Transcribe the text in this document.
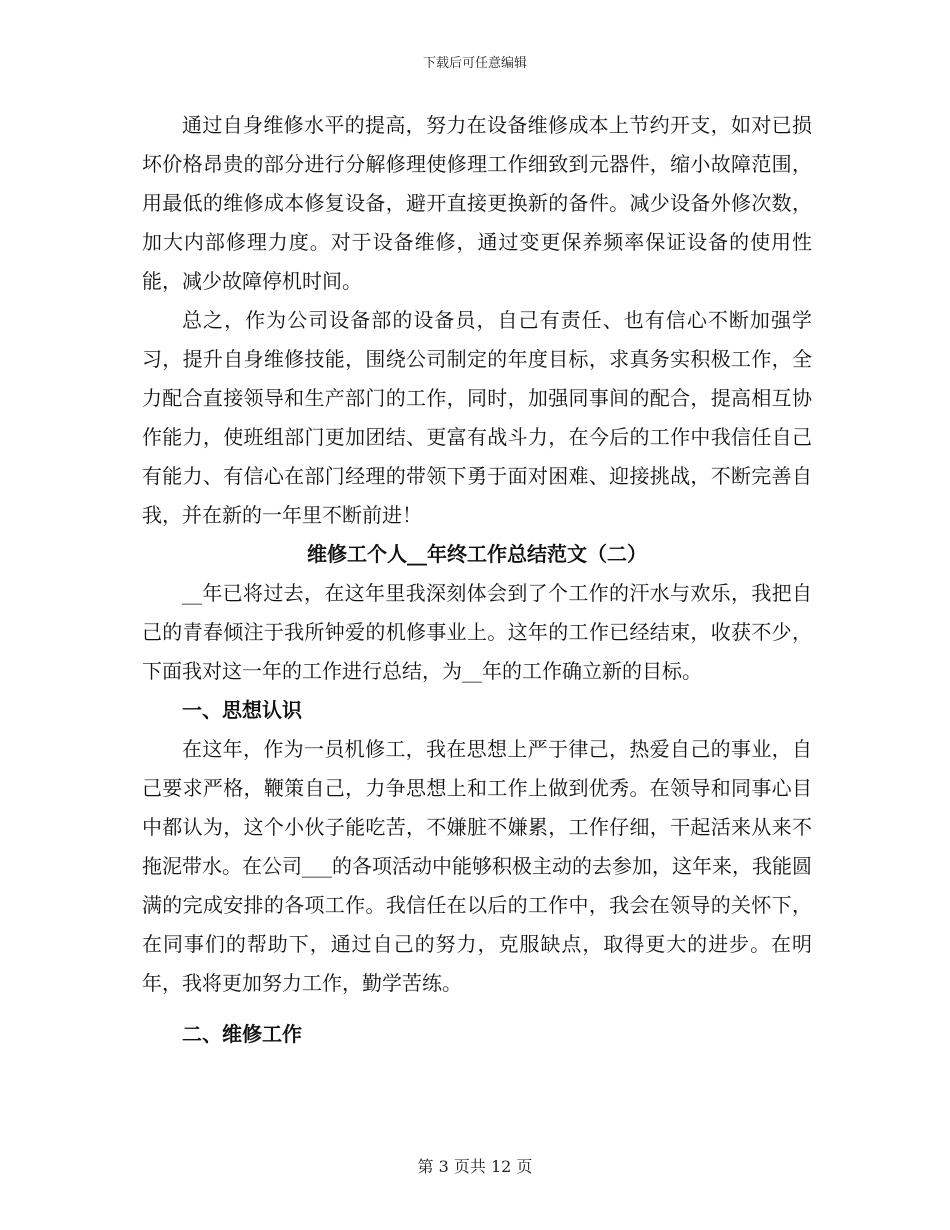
下载后可任意编辑

通过自身维修水平的提高，努力在设备维修成本上节约开支，如对已损坏价格昂贵的部分进行分解修理使修理工作细致到元器件，缩小故障范围，用最低的维修成本修复设备，避开直接更换新的备件。减少设备外修次数，加大内部修理力度。对于设备维修，通过变更保养频率保证设备的使用性能，减少故障停机时间。

总之，作为公司设备部的设备员，自己有责任、也有信心不断加强学习，提升自身维修技能，围绕公司制定的年度目标，求真务实积极工作，全力配合直接领导和生产部门的工作，同时，加强同事间的配合，提高相互协作能力，使班组部门更加团结、更富有战斗力，在今后的工作中我信任自己有能力、有信心在部门经理的带领下勇于面对困难、迎接挑战，不断完善自我，并在新的一年里不断前进！

维修工个人__年终工作总结范文（二）

__年已将过去，在这年里我深刻体会到了个工作的汗水与欢乐，我把自己的青春倾注于我所钟爱的机修事业上。这年的工作已经结束，收获不少，下面我对这一年的工作进行总结，为__年的工作确立新的目标。

一、思想认识

在这年，作为一员机修工，我在思想上严于律己，热爱自己的事业，自己要求严格，鞭策自己，力争思想上和工作上做到优秀。在领导和同事心目中都认为，这个小伙子能吃苦，不嫌脏不嫌累，工作仔细，干起活来从来不拖泥带水。在公司___的各项活动中能够积极主动的去参加，这年来，我能圆满的完成安排的各项工作。我信任在以后的工作中，我会在领导的关怀下，在同事们的帮助下，通过自己的努力，克服缺点，取得更大的进步。在明年，我将更加努力工作，勤学苦练。

二、维修工作

第 3 页共 12 页
